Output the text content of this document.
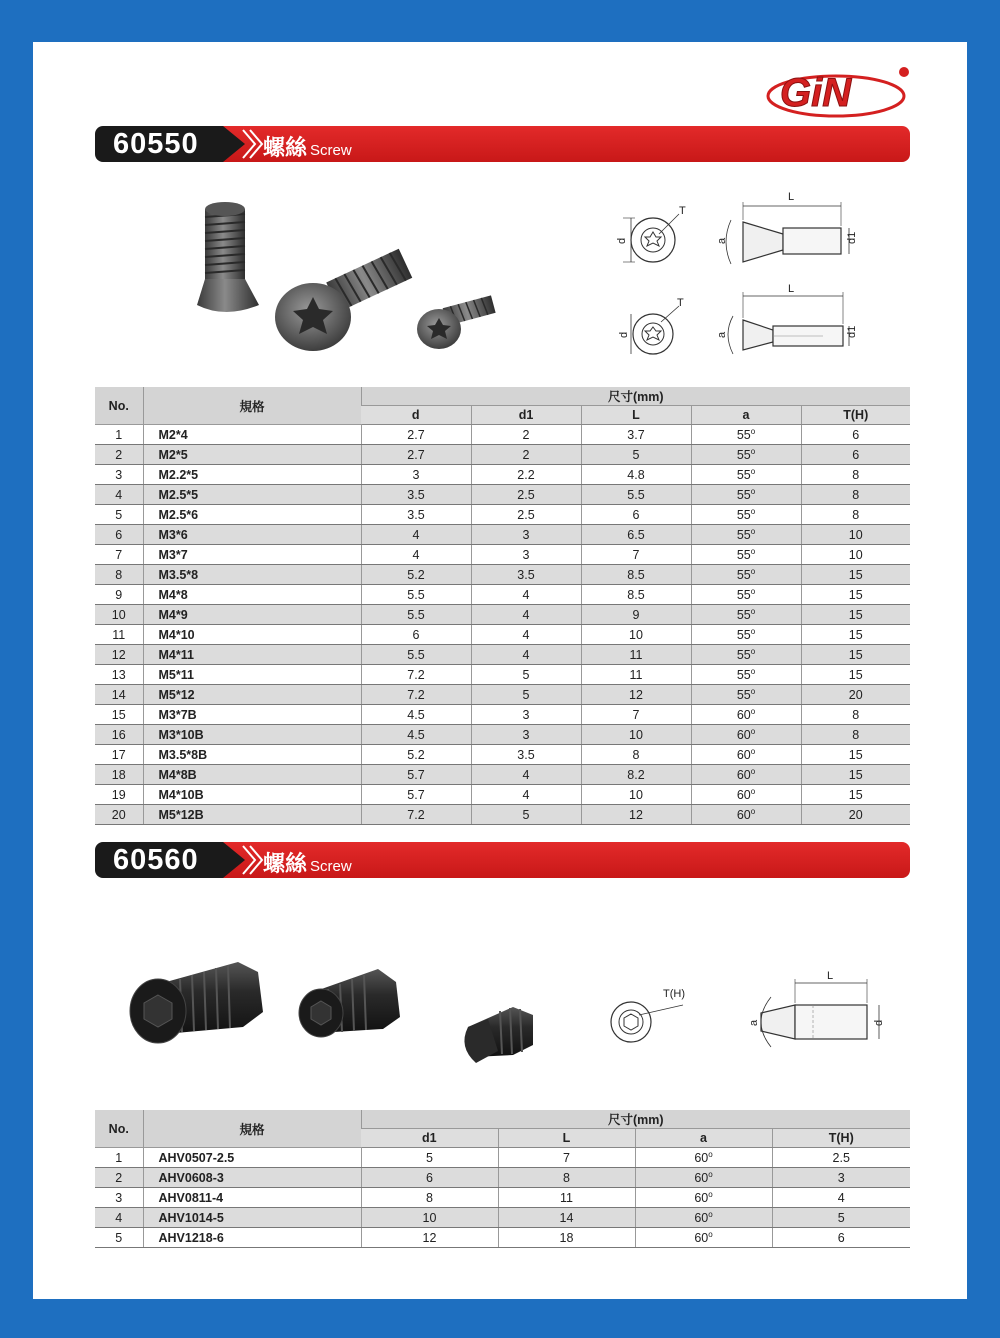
GiN
60550	螺絲 Screw
d
T
L
d1
a
d
T
L
d1
a
No.	規格	尺寸(mm)				
		d	d1	L	a	T(H)
1	M2*4	2.7	2	3.7	55$^o$	6
2	M2*5	2.7	2	5	55$^o$	6
3	M2.2*5	3	2.2	4.8	55$^o$	8
4	M2.5*5	3.5	2.5	5.5	55$^o$	8
5	M2.5*6	3.5	2.5	6	55$^o$	8
6	M3*6	4	3	6.5	55$^o$	10
7	M3*7	4	3	7	55$^o$	10
8	M3.5*8	5.2	3.5	8.5	55$^o$	15
9	M4*8	5.5	4	8.5	55$^o$	15
10	M4*9	5.5	4	9	55$^o$	15
11	M4*10	6	4	10	55$^o$	15
12	M4*11	5.5	4	11	55$^o$	15
13	M5*11	7.2	5	11	55$^o$	15
14	M5*12	7.2	5	12	55$^o$	20
15	M3*7B	4.5	3	7	60$^o$	8
16	M3*10B	4.5	3	10	60$^o$	8
17	M3.5*8B	5.2	3.5	8	60$^o$	15
18	M4*8B	5.7	4	8.2	60$^o$	15
19	M4*10B	5.7	4	10	60$^o$	15
20	M5*12B	7.2	5	12	60$^o$	20
60560	螺絲 Screw
T(H)
L
d
a
No.	規格	尺寸(mm)			
		d1	L	a	T(H)
1	AHV0507-2.5	5	7	60$^o$	2.5
2	AHV0608-3	6	8	60$^o$	3
3	AHV0811-4	8	11	60$^o$	4
4	AHV1014-5	10	14	60$^o$	5
5	AHV1218-6	12	18	60$^o$	6
